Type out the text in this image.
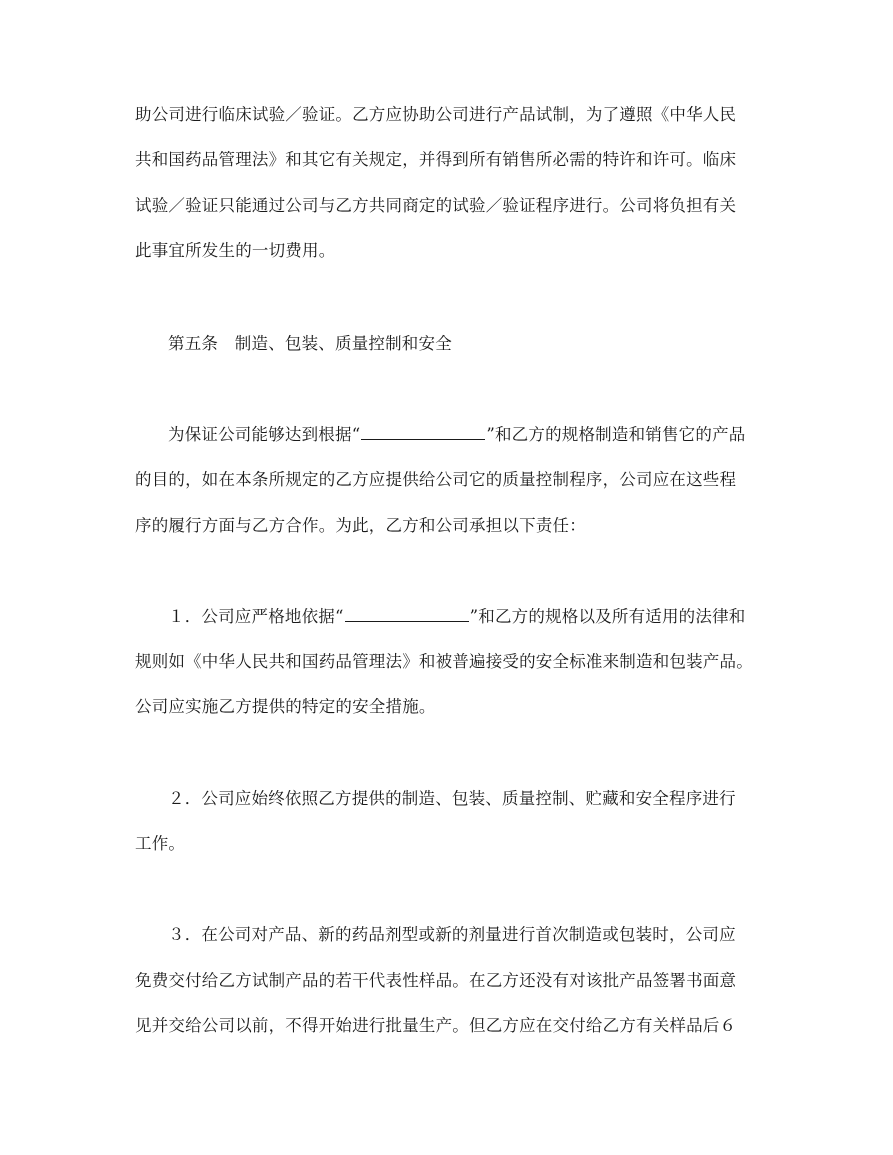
助公司进行临床试验／验证。乙方应协助公司进行产品试制，为了遵照《中华人民
共和国药品管理法》和其它有关规定，并得到所有销售所必需的特许和许可。临床
试验／验证只能通过公司与乙方共同商定的试验／验证程序进行。公司将负担有关
此事宜所发生的一切费用。
第五条　制造、包装、质量控制和安全
为保证公司能够达到根据“	”和乙方的规格制造和销售它的产品
的目的，如在本条所规定的乙方应提供给公司它的质量控制程序，公司应在这些程
序的履行方面与乙方合作。为此，乙方和公司承担以下责任：
１．公司应严格地依据“	”和乙方的规格以及所有适用的法律和
规则如《中华人民共和国药品管理法》和被普遍接受的安全标准来制造和包装产品。
公司应实施乙方提供的特定的安全措施。
２．公司应始终依照乙方提供的制造、包装、质量控制、贮藏和安全程序进行
工作。
３．在公司对产品、新的药品剂型或新的剂量进行首次制造或包装时，公司应
免费交付给乙方试制产品的若干代表性样品。在乙方还没有对该批产品签署书面意
见并交给公司以前，不得开始进行批量生产。但乙方应在交付给乙方有关样品后６
